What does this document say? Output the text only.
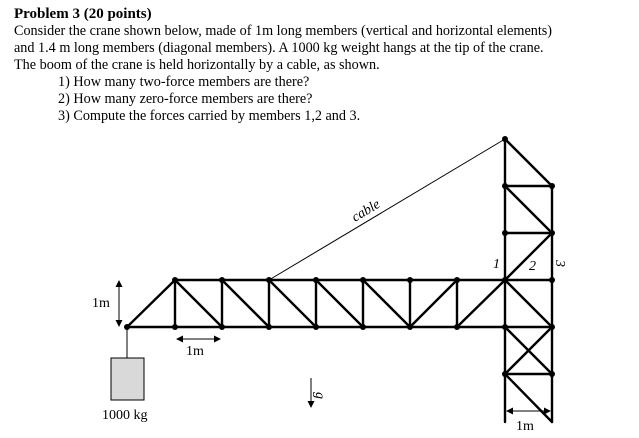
Problem 3 (20 points)

Consider the crane shown below, made of 1m long members (vertical and horizontal elements)

and 1.4 m long members (diagonal members). A 1000 kg weight hangs at the tip of the crane.

The boom of the crane is held horizontally by a cable, as shown.

1) How many two-force members are there?

2) How many zero-force members are there?

3) Compute the forces carried by members 1,2 and 3.

1000 kg
1m
1m
1m
g
cable
1 2 3
